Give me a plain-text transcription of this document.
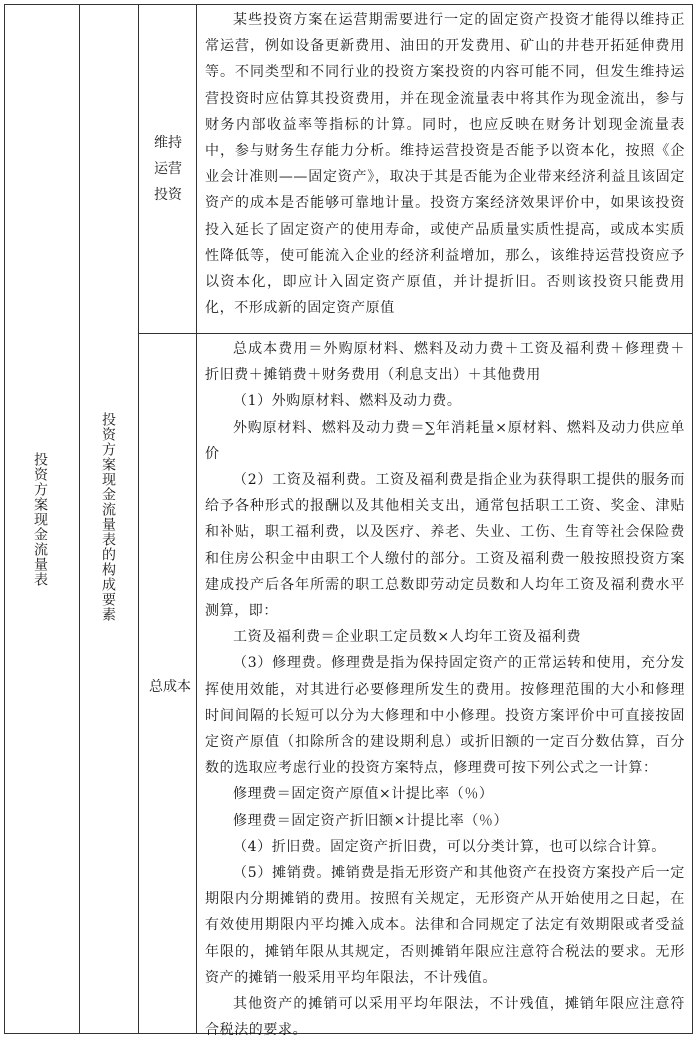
投资方案现金流量表	投资方案现金流量表的构成要素
维持
运营
投资
总成本

某些投资方案在运营期需要进行一定的固定资产投资才能得以维持正常运营，例如设备更新费用、油田的开发费用、矿山的井巷开拓延伸费用等。不同类型和不同行业的投资方案投资的内容可能不同，但发生维持运营投资时应估算其投资费用，并在现金流量表中将其作为现金流出，参与财务内部收益率等指标的计算。同时，也应反映在财务计划现金流量表中，参与财务生存能力分析。维持运营投资是否能予以资本化，按照《企业会计准则——固定资产》，取决于其是否能为企业带来经济利益且该固定资产的成本是否能够可靠地计量。投资方案经济效果评价中，如果该投资投入延长了固定资产的使用寿命，或使产品质量实质性提高，或成本实质性降低等，使可能流入企业的经济利益增加，那么，该维持运营投资应予以资本化，即应计入固定资产原值，并计提折旧。否则该投资只能费用化，不形成新的固定资产原值

总成本费用＝外购原材料、燃料及动力费＋工资及福利费＋修理费＋折旧费＋摊销费＋财务费用（利息支出）＋其他费用

（1）外购原材料、燃料及动力费。

外购原材料、燃料及动力费＝∑年消耗量×原材料、燃料及动力供应单价

（2）工资及福利费。工资及福利费是指企业为获得职工提供的服务而给予各种形式的报酬以及其他相关支出，通常包括职工工资、奖金、津贴和补贴，职工福利费，以及医疗、养老、失业、工伤、生育等社会保险费和住房公积金中由职工个人缴付的部分。工资及福利费一般按照投资方案建成投产后各年所需的职工总数即劳动定员数和人均年工资及福利费水平测算，即：

工资及福利费＝企业职工定员数×人均年工资及福利费

（3）修理费。修理费是指为保持固定资产的正常运转和使用，充分发挥使用效能，对其进行必要修理所发生的费用。按修理范围的大小和修理时间间隔的长短可以分为大修理和中小修理。投资方案评价中可直接按固定资产原值（扣除所含的建设期利息）或折旧额的一定百分数估算，百分数的选取应考虑行业的投资方案特点，修理费可按下列公式之一计算：

修理费＝固定资产原值×计提比率（％）

修理费＝固定资产折旧额×计提比率（％）

（4）折旧费。固定资产折旧费，可以分类计算，也可以综合计算。

（5）摊销费。摊销费是指无形资产和其他资产在投资方案投产后一定期限内分期摊销的费用。按照有关规定，无形资产从开始使用之日起，在有效使用期限内平均摊入成本。法律和合同规定了法定有效期限或者受益年限的，摊销年限从其规定，否则摊销年限应注意符合税法的要求。无形资产的摊销一般采用平均年限法，不计残值。

其他资产的摊销可以采用平均年限法，不计残值，摊销年限应注意符合税法的要求。
